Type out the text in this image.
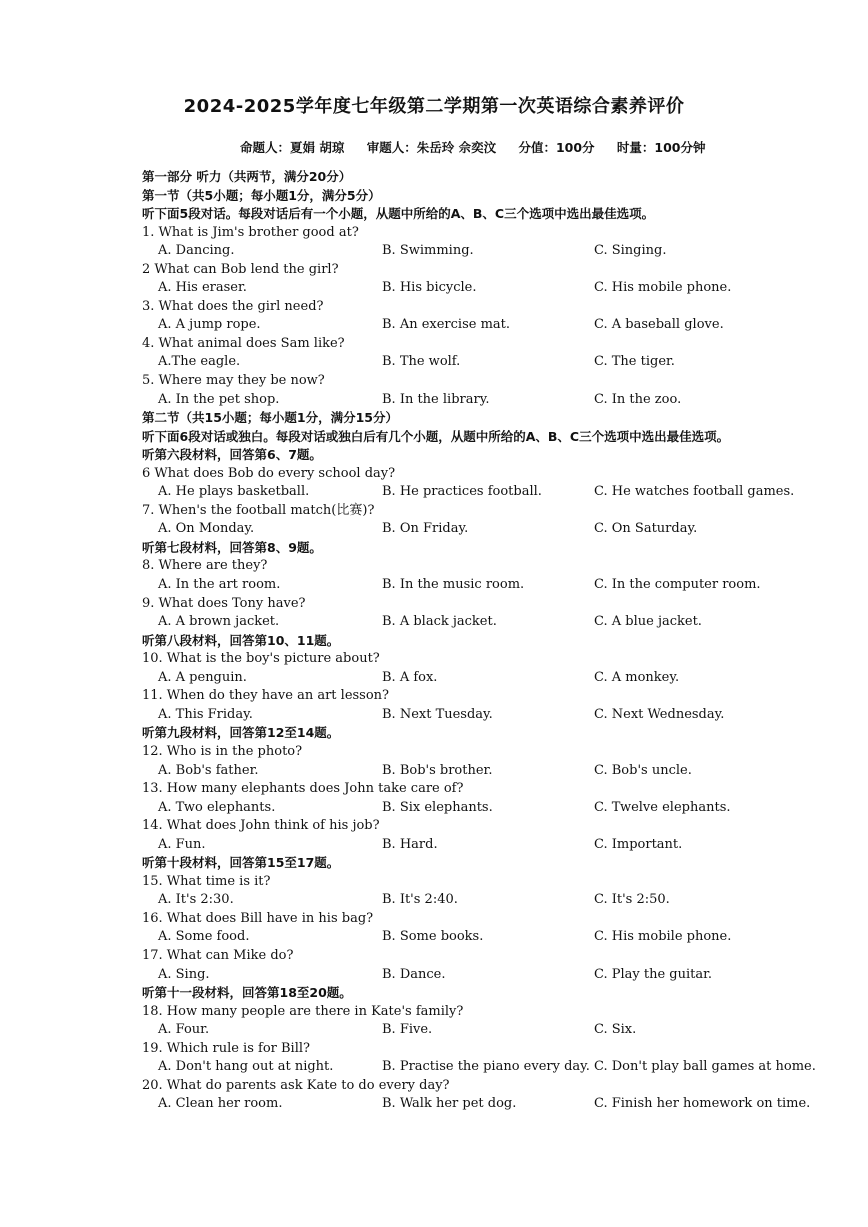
2024-2025学年度七年级第二学期第一次英语综合素养评价
命题人：夏娟 胡琼 审题人：朱岳玲 佘奕汶 分值：100分 时量：100分钟
第一部分 听力（共两节，满分20分）
第一节（共5小题；每小题1分，满分5分）
听下面5段对话。每段对话后有一个小题，从题中所给的A、B、C三个选项中选出最佳选项。
1. What is Jim's brother good at?
A. Dancing.	B. Swimming.	C. Singing.
2 What can Bob lend the girl?
A. His eraser.	B. His bicycle.	C. His mobile phone.
3. What does the girl need?
A. A jump rope.	B. An exercise mat.	C. A baseball glove.
4. What animal does Sam like?
A.The eagle.	B. The wolf.	C. The tiger.
5. Where may they be now?
A. In the pet shop.	B. In the library.	C. In the zoo.
第二节（共15小题；每小题1分，满分15分）
听下面6段对话或独白。每段对话或独白后有几个小题，从题中所给的A、B、C三个选项中选出最佳选项。
听第六段材料，回答第6、7题。
6 What does Bob do every school day?
A. He plays basketball.	B. He practices football.	C. He watches football games.
7. When's the football match(比赛)?
A. On Monday.	B. On Friday.	C. On Saturday.
听第七段材料，回答第8、9题。
8. Where are they?
A. In the art room.	B. In the music room.	C. In the computer room.
9. What does Tony have?
A. A brown jacket.	B. A black jacket.	C. A blue jacket.
听第八段材料，回答第10、11题。
10. What is the boy's picture about?
A. A penguin.	B. A fox.	C. A monkey.
11. When do they have an art lesson?
A. This Friday.	B. Next Tuesday.	C. Next Wednesday.
听第九段材料，回答第12至14题。
12. Who is in the photo?
A. Bob's father.	B. Bob's brother.	C. Bob's uncle.
13. How many elephants does John take care of?
A. Two elephants.	B. Six elephants.	C. Twelve elephants.
14. What does John think of his job?
A. Fun.	B. Hard.	C. Important.
听第十段材料，回答第15至17题。
15. What time is it?
A. It's 2:30.	B. It's 2:40.	C. It's 2:50.
16. What does Bill have in his bag?
A. Some food.	B. Some books.	C. His mobile phone.
17. What can Mike do?
A. Sing.	B. Dance.	C. Play the guitar.
听第十一段材料，回答第18至20题。
18. How many people are there in Kate's family?
A. Four.	B. Five.	C. Six.
19. Which rule is for Bill?
A. Don't hang out at night.	B. Practise the piano every day. C. Don't play ball games at home.
20. What do parents ask Kate to do every day?
A. Clean her room.	B. Walk her pet dog.	C. Finish her homework on time.
